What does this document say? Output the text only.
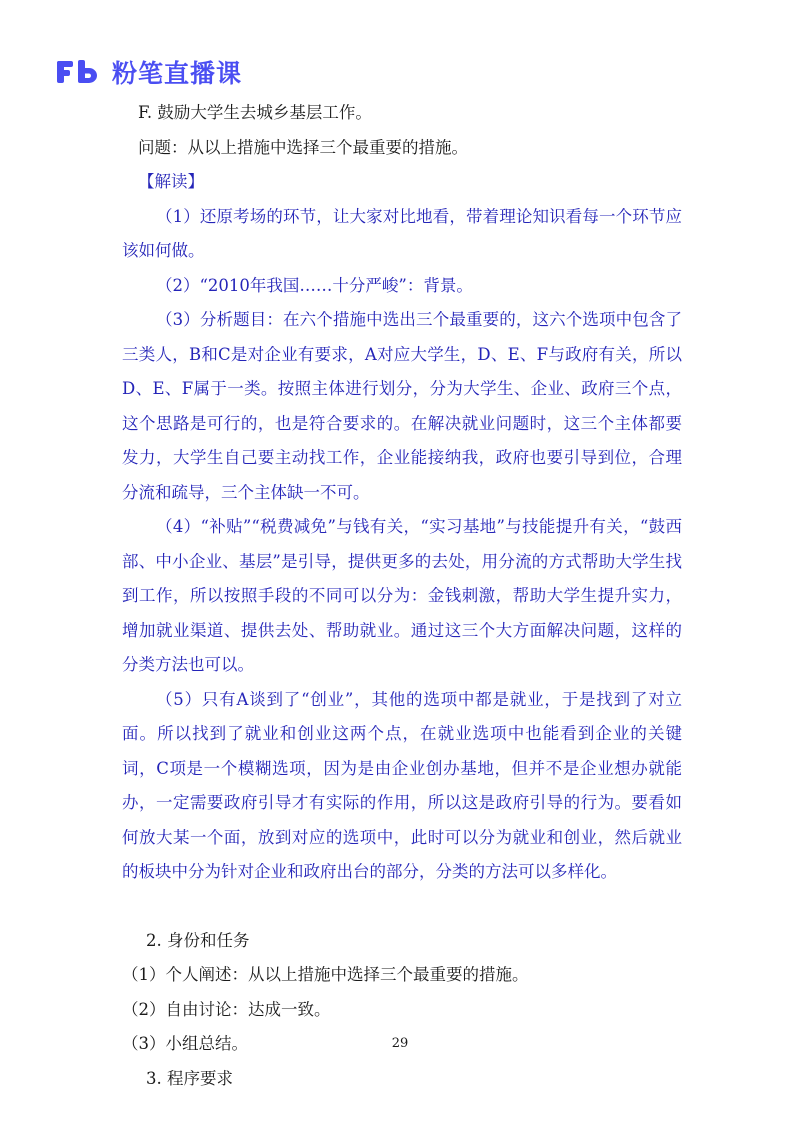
粉笔直播课
F. 鼓励大学生去城乡基层工作。
问题：从以上措施中选择三个最重要的措施。
【解读】
（1）还原考场的环节，让大家对比地看，带着理论知识看每一个环节应该如何做。
（2）“2010年我国……十分严峻”：背景。
（3）分析题目：在六个措施中选出三个最重要的，这六个选项中包含了三类人，B和C是对企业有要求，A对应大学生，D、E、F与政府有关，所以D、E、F属于一类。按照主体进行划分，分为大学生、企业、政府三个点，这个思路是可行的，也是符合要求的。在解决就业问题时，这三个主体都要发力，大学生自己要主动找工作，企业能接纳我，政府也要引导到位，合理分流和疏导，三个主体缺一不可。
（4）“补贴”“税费减免”与钱有关，“实习基地”与技能提升有关，“鼓西部、中小企业、基层”是引导，提供更多的去处，用分流的方式帮助大学生找到工作，所以按照手段的不同可以分为：金钱刺激，帮助大学生提升实力，增加就业渠道、提供去处、帮助就业。通过这三个大方面解决问题，这样的分类方法也可以。
（5）只有A谈到了“创业”，其他的选项中都是就业，于是找到了对立面。所以找到了就业和创业这两个点，在就业选项中也能看到企业的关键词，C项是一个模糊选项，因为是由企业创办基地，但并不是企业想办就能办，一定需要政府引导才有实际的作用，所以这是政府引导的行为。要看如何放大某一个面，放到对应的选项中，此时可以分为就业和创业，然后就业的板块中分为针对企业和政府出台的部分，分类的方法可以多样化。
2. 身份和任务
（1）个人阐述：从以上措施中选择三个最重要的措施。
（2）自由讨论：达成一致。
（3）小组总结。
3. 程序要求
29
